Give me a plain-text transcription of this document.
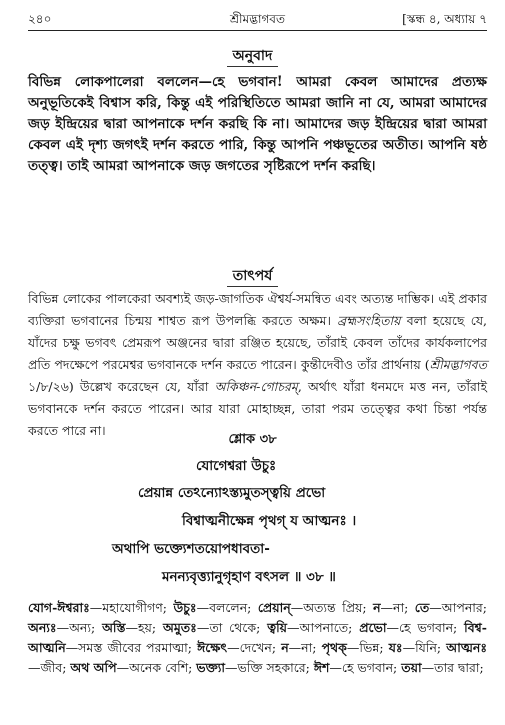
২৪০	শ্রীমদ্ভাগবত	[স্কন্ধ ৪, অধ্যায় ৭
অনুবাদ

বিভিন্ন লোকপালেরা বললেন—হে ভগবান! আমরা কেবল আমাদের প্রত্যক্ষ অনুভূতিকেই বিশ্বাস করি, কিন্তু এই পরিস্থিতিতে আমরা জানি না যে, আমরা আমাদের জড় ইন্দ্রিয়ের দ্বারা আপনাকে দর্শন করছি কি না। আমাদের জড় ইন্দ্রিয়ের দ্বারা আমরা কেবল এই দৃশ্য জগৎই দর্শন করতে পারি, কিন্তু আপনি পঞ্চভূতের অতীত। আপনি ষষ্ঠ তত্ত্ব। তাই আমরা আপনাকে জড় জগতের সৃষ্টিরূপে দর্শন করছি।

তাৎপর্য

বিভিন্ন লোকের পালকেরা অবশ্যই জড়-জাগতিক ঐশ্বর্য-সমন্বিত এবং অত্যন্ত দাম্ভিক। এই প্রকার ব্যক্তিরা ভগবানের চিন্ময় শাশ্বত রূপ উপলব্ধি করতে অক্ষম। ব্রহ্মসংহিতায় বলা হয়েছে যে, যাঁদের চক্ষু ভগবৎ প্রেমরূপ অঞ্জনের দ্বারা রঞ্জিত হয়েছে, তাঁরাই কেবল তাঁদের কার্যকলাপের প্রতি পদক্ষেপে পরমেশ্বর ভগবানকে দর্শন করতে পারেন। কুন্তীদেবীও তাঁর প্রার্থনায় (শ্রীমদ্ভাগবত ১/৮/২৬) উল্লেখ করেছেন যে, যাঁরা অকিঞ্চন-গোচরম্‌, অর্থাৎ যাঁরা ধনমদে মত্ত নন, তাঁরাই ভগবানকে দর্শন করতে পারেন। আর যারা মোহাচ্ছন্ন, তারা পরম তত্ত্বের কথা চিন্তা পর্যন্ত করতে পারে না।

শ্লোক ৩৮
যোগেশ্বরা উচুঃ
প্রেয়ান্ন তেঽন্যোঽস্ত্যমুতস্ত্বয়ি প্রভো
বিশ্বাত্মনীক্ষেন্ন পৃথগ্ য আত্মনঃ ।
অথাপি ভক্ত্যেশতয়োপধাবতা-
মনন্যবৃত্ত্যানুগৃহাণ বৎসল ॥ ৩৮ ॥

যোগ-ঈশ্বরাঃ—মহাযোগীগণ; উচুঃ—বললেন; প্রেয়ান্‌—অত্যন্ত প্রিয়; ন—না; তে—আপনার; অন্যঃ—অন্য; অস্তি—হয়; অমুতঃ—তা থেকে; ত্বয়ি—আপনাতে; প্রভো—হে ভগবান; বিশ্ব-আত্মনি—সমস্ত জীবের পরমাত্মা; ঈক্ষেৎ—দেখেন; ন—না; পৃথক্‌—ভিন্ন; যঃ—যিনি; আত্মনঃ—জীব; অথ অপি—অনেক বেশি; ভক্ত্যা—ভক্তি সহকারে; ঈশ—হে ভগবান; তয়া—তার দ্বারা;
